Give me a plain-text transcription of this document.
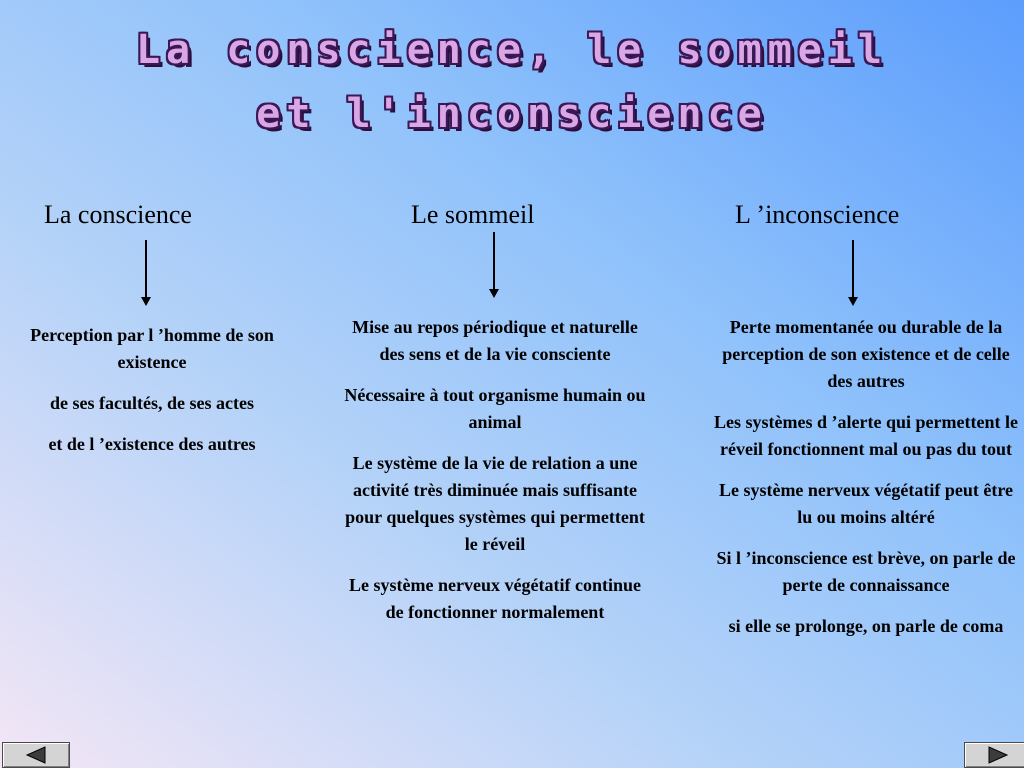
La conscience, le sommeil
et l'inconscience
La conscience

Perception par l ’homme de son existence

de ses facultés, de ses actes

et de l ’existence des autres

Le sommeil

Mise au repos périodique et naturelle des sens et de la vie consciente

Nécessaire à tout organisme humain ou animal

Le système de la vie de relation a une activité très diminuée mais suffisante pour quelques systèmes qui permettent le réveil

Le système nerveux végétatif continue de fonctionner normalement

L ’inconscience

Perte momentanée ou durable de la perception de son existence et de celle des autres

Les systèmes d ’alerte qui permettent le réveil fonctionnent mal ou pas du tout

Le système nerveux végétatif peut être lu ou moins altéré

Si l ’inconscience est brève, on parle de perte de connaissance

si elle se prolonge, on parle de coma
